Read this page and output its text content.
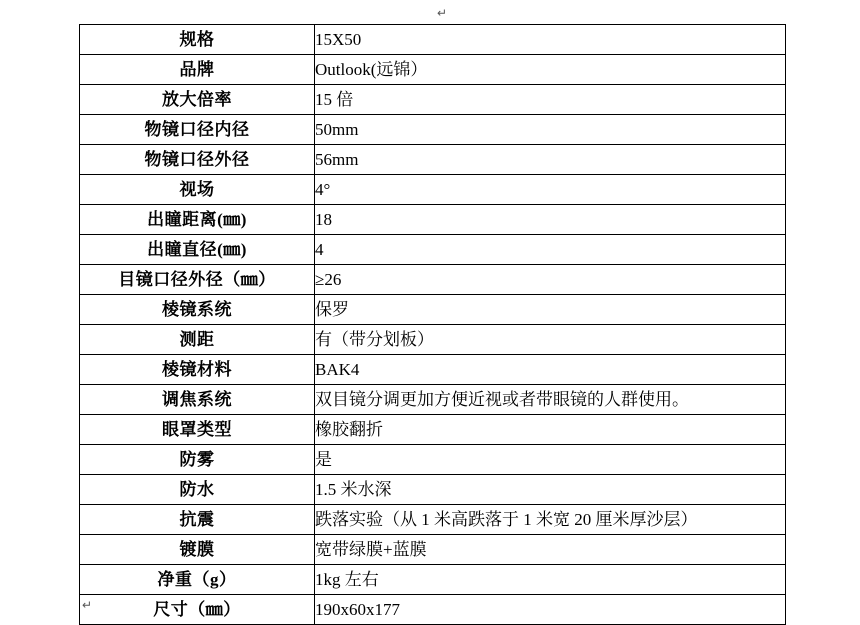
↵
规格	15X50
品牌	Outlook(远锦）
放大倍率	15 倍
物镜口径内径	50mm
物镜口径外径	56mm
视场	4°
出瞳距离(㎜)	18
出瞳直径(㎜)	4
目镜口径外径（㎜）	≥26
棱镜系统	保罗
测距	有（带分划板）
棱镜材料	BAK4
调焦系统	双目镜分调更加方便近视或者带眼镜的人群使用。
眼罩类型	橡胶翻折
防雾	是
防水	1.5 米水深
抗震	跌落实验（从 1 米高跌落于 1 米宽 20 厘米厚沙层）
镀膜	宽带绿膜+蓝膜
净重（g）	1kg 左右
尺寸（㎜）	190x60x177
↵
